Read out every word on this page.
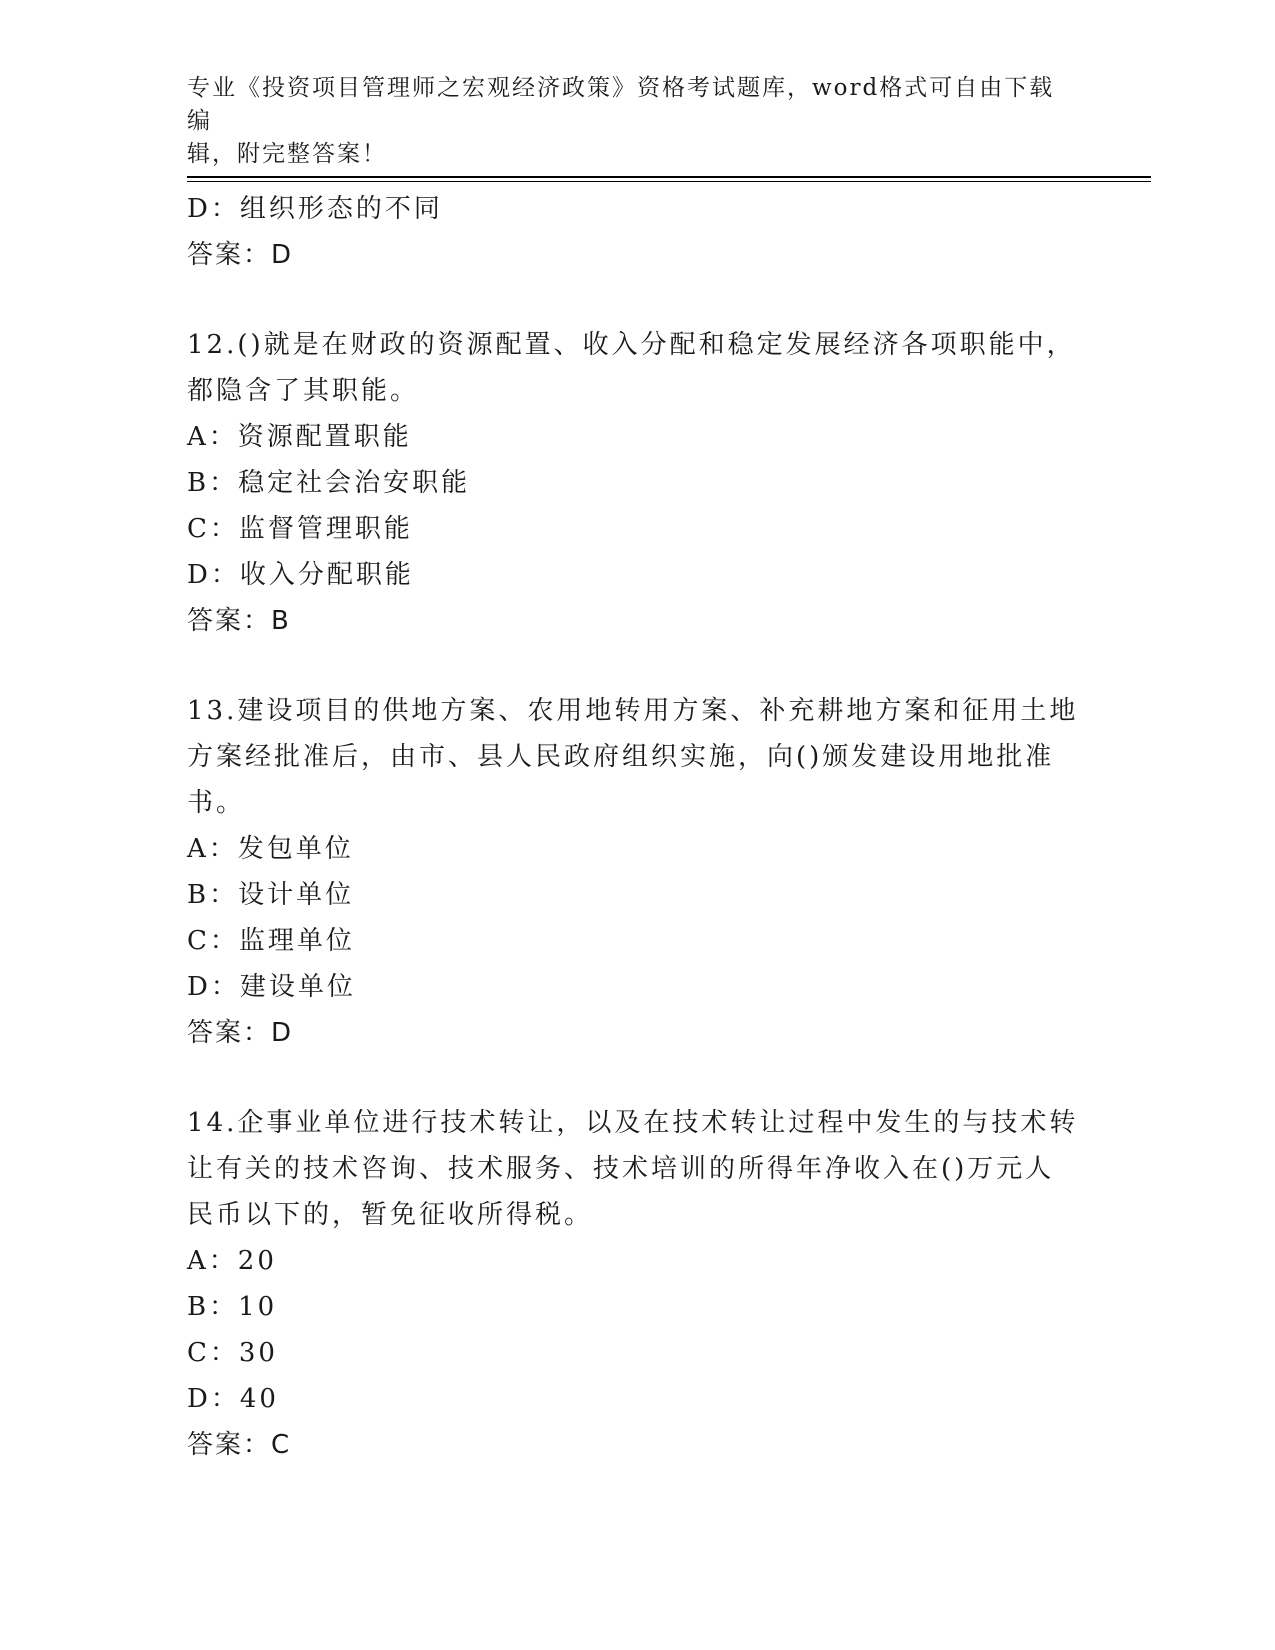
专业《投资项目管理师之宏观经济政策》资格考试题库，word格式可自由下载编
辑，附完整答案！
D：组织形态的不同
答案：D
12.()就是在财政的资源配置、收入分配和稳定发展经济各项职能中，
都隐含了其职能。
A：资源配置职能
B：稳定社会治安职能
C：监督管理职能
D：收入分配职能
答案：B
13.建设项目的供地方案、农用地转用方案、补充耕地方案和征用土地
方案经批准后，由市、县人民政府组织实施，向()颁发建设用地批准
书。
A：发包单位
B：设计单位
C：监理单位
D：建设单位
答案：D
14.企事业单位进行技术转让，以及在技术转让过程中发生的与技术转
让有关的技术咨询、技术服务、技术培训的所得年净收入在()万元人
民币以下的，暂免征收所得税。
A：20
B：10
C：30
D：40
答案：C
